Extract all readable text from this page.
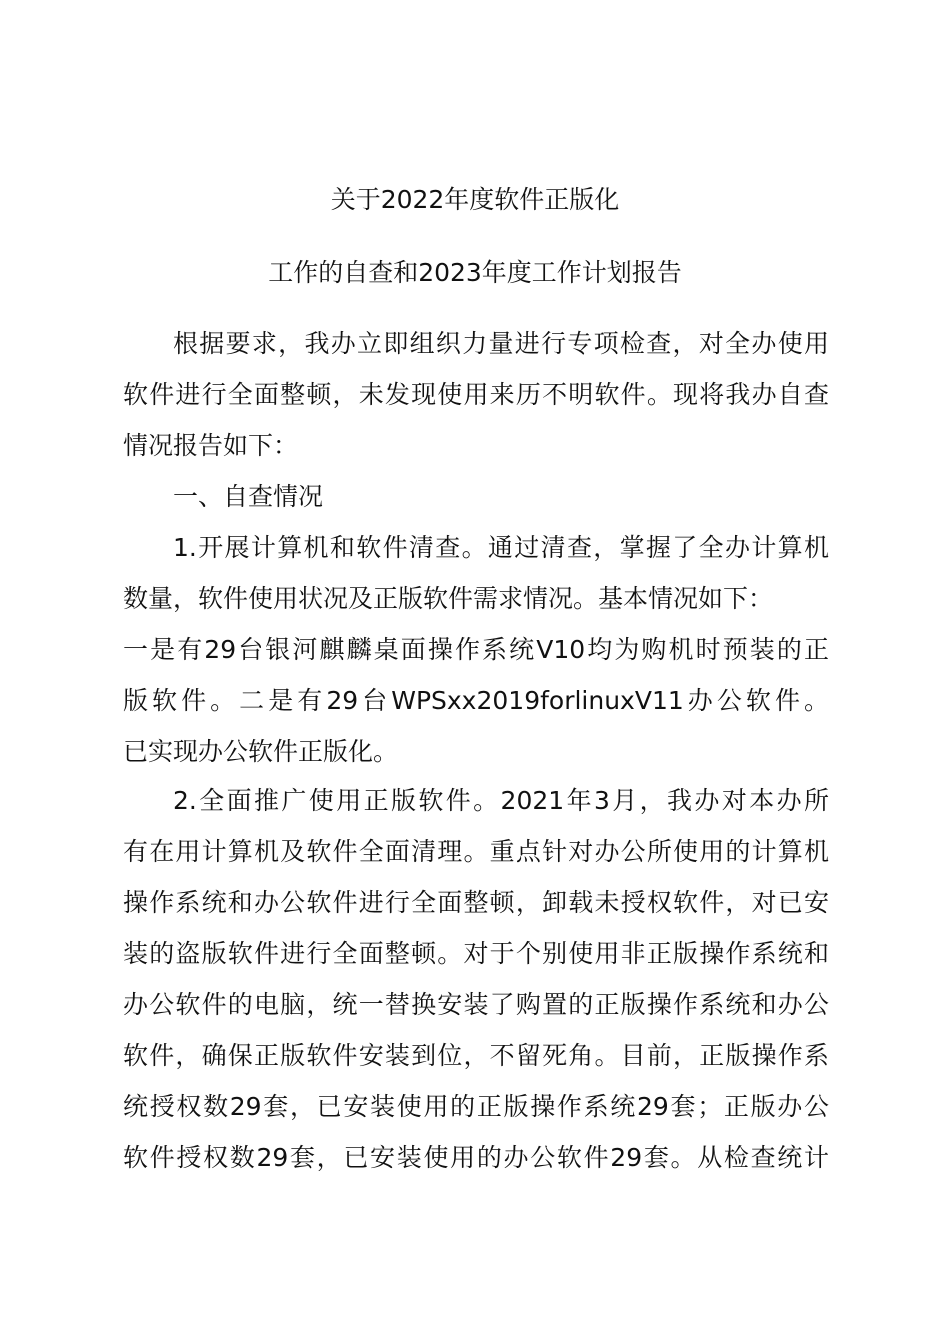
关于2022年度软件正版化
工作的自查和2023年度工作计划报告
根据要求，我办立即组织力量进行专项检查，对全办使用
软件进行全面整顿，未发现使用来历不明软件。现将我办自查
情况报告如下：
一、自查情况
1.开展计算机和软件清查。通过清查，掌握了全办计算机
数量，软件使用状况及正版软件需求情况。基本情况如下：
一是有29台银河麒麟桌面操作系统V10均为购机时预装的正
版软件。二是有29台WPSxx2019forlinuxV11办公软件。
已实现办公软件正版化。
2.全面推广使用正版软件。2021年3月，我办对本办所
有在用计算机及软件全面清理。重点针对办公所使用的计算机
操作系统和办公软件进行全面整顿，卸载未授权软件，对已安
装的盗版软件进行全面整顿。对于个别使用非正版操作系统和
办公软件的电脑，统一替换安装了购置的正版操作系统和办公
软件，确保正版软件安装到位，不留死角。目前，正版操作系
统授权数29套，已安装使用的正版操作系统29套；正版办公
软件授权数29套，已安装使用的办公软件29套。从检查统计
